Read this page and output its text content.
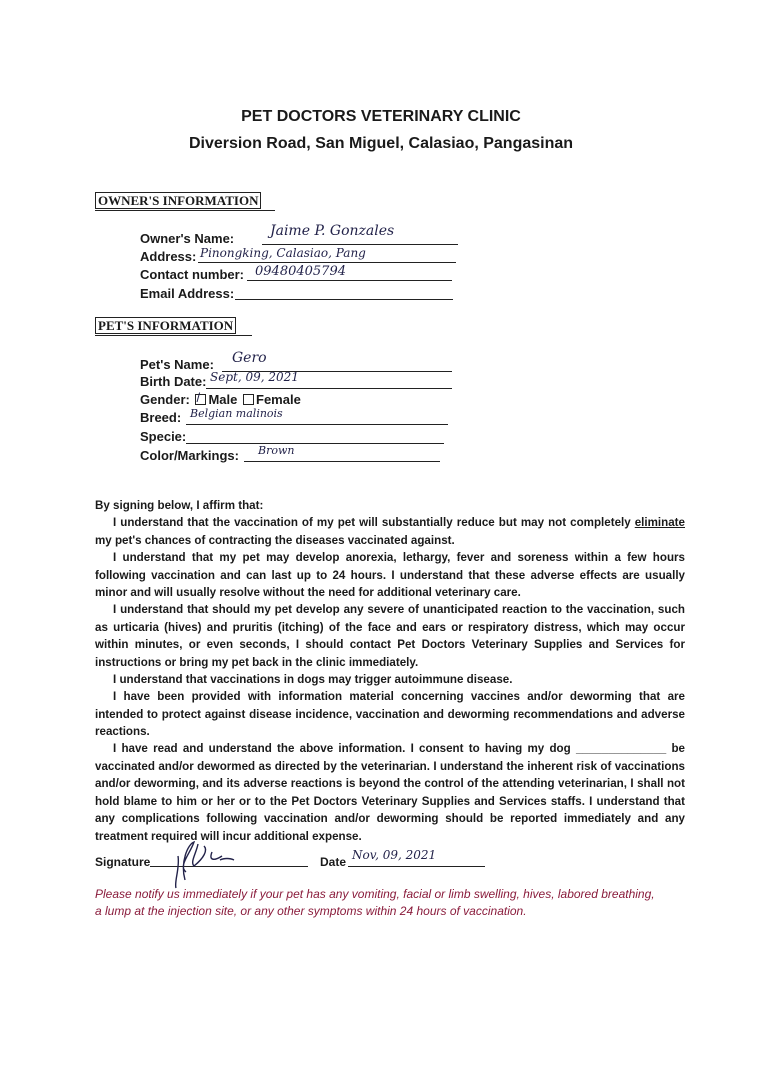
PET DOCTORS VETERINARY CLINIC
Diversion Road, San Miguel, Calasiao, Pangasinan
OWNER'S INFORMATION
Owner's Name:	Jaime P. Gonzales
Address: Pinongking, Calasiao, Pang
Contact number: 09480405794
Email Address:
PET'S INFORMATION
Pet's Name: Gero
Birth Date: Sept, 09, 2021
Gender: / Male Female
Breed: Belgian malinois
Specie:
Color/Markings: Brown
By signing below, I affirm that:
I understand that the vaccination of my pet will substantially reduce but may not completely eliminate my pet's chances of contracting the diseases vaccinated against.
I understand that my pet may develop anorexia, lethargy, fever and soreness within a few hours following vaccination and can last up to 24 hours. I understand that these adverse effects are usually minor and will usually resolve without the need for additional veterinary care.
I understand that should my pet develop any severe of unanticipated reaction to the vaccination, such as urticaria (hives) and pruritis (itching) of the face and ears or respiratory distress, which may occur within minutes, or even seconds, I should contact Pet Doctors Veterinary Supplies and Services for instructions or bring my pet back in the clinic immediately.
I understand that vaccinations in dogs may trigger autoimmune disease.
I have been provided with information material concerning vaccines and/or deworming that are intended to protect against disease incidence, vaccination and deworming recommendations and adverse reactions.
I have read and understand the above information. I consent to having my dog ______________ be vaccinated and/or dewormed as directed by the veterinarian. I understand the inherent risk of vaccinations and/or deworming, and its adverse reactions is beyond the control of the attending veterinarian, I shall not hold blame to him or her or to the Pet Doctors Veterinary Supplies and Services staffs. I understand that any complications following vaccination and/or deworming should be reported immediately and any treatment required will incur additional expense.
Signature	Date Nov, 09, 2021
Please notify us immediately if your pet has any vomiting, facial or limb swelling, hives, labored breathing, a lump at the injection site, or any other symptoms within 24 hours of vaccination.
